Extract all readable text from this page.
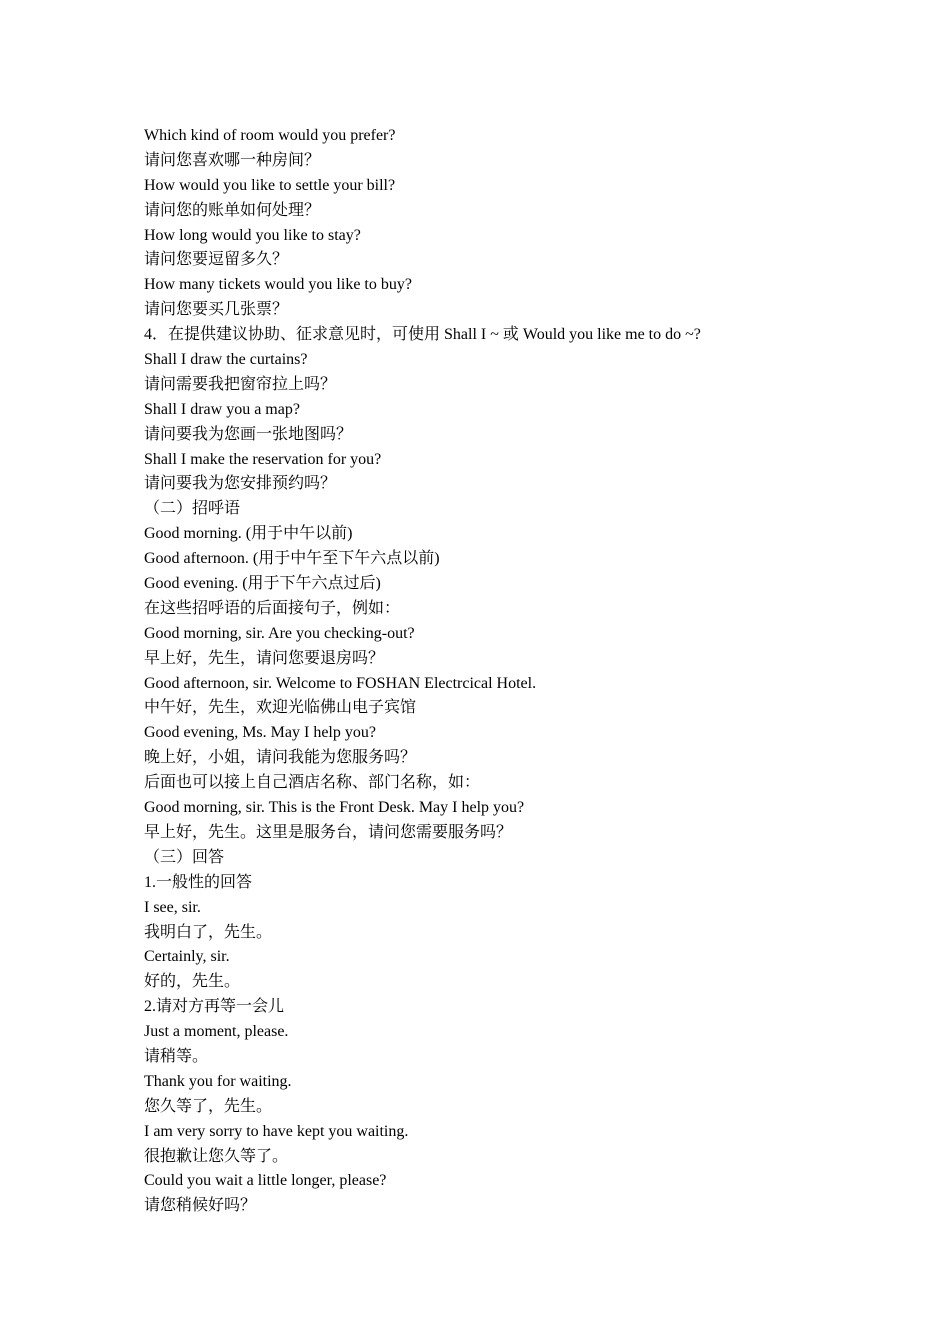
Which kind of room would you prefer?
请问您喜欢哪一种房间？
How would you like to settle your bill?
请问您的账单如何处理？
How long would you like to stay?
请问您要逗留多久？
How many tickets would you like to buy?
请问您要买几张票？
4．在提供建议协助、征求意见时，可使用 Shall I ~ 或 Would you like me to do ~?
Shall I draw the curtains?
请问需要我把窗帘拉上吗？
Shall I draw you a map?
请问要我为您画一张地图吗？
Shall I make the reservation for you?
请问要我为您安排预约吗？
（二）招呼语
Good morning. (用于中午以前)
Good afternoon. (用于中午至下午六点以前)
Good evening. (用于下午六点过后)
在这些招呼语的后面接句子，例如：
Good morning, sir. Are you checking-out?
早上好，先生，请问您要退房吗？
Good afternoon, sir. Welcome to FOSHAN Electrcical Hotel.
中午好，先生，欢迎光临佛山电子宾馆
Good evening, Ms. May I help you?
晚上好，小姐，请问我能为您服务吗？
后面也可以接上自己酒店名称、部门名称，如：
Good morning, sir. This is the Front Desk. May I help you?
早上好，先生。这里是服务台，请问您需要服务吗？
（三）回答
1.一般性的回答
I see, sir.
我明白了，先生。
Certainly, sir.
好的，先生。
2.请对方再等一会儿
Just a moment, please.
请稍等。
Thank you for waiting.
您久等了，先生。
I am very sorry to have kept you waiting.
很抱歉让您久等了。
Could you wait a little longer, please?
请您稍候好吗？
